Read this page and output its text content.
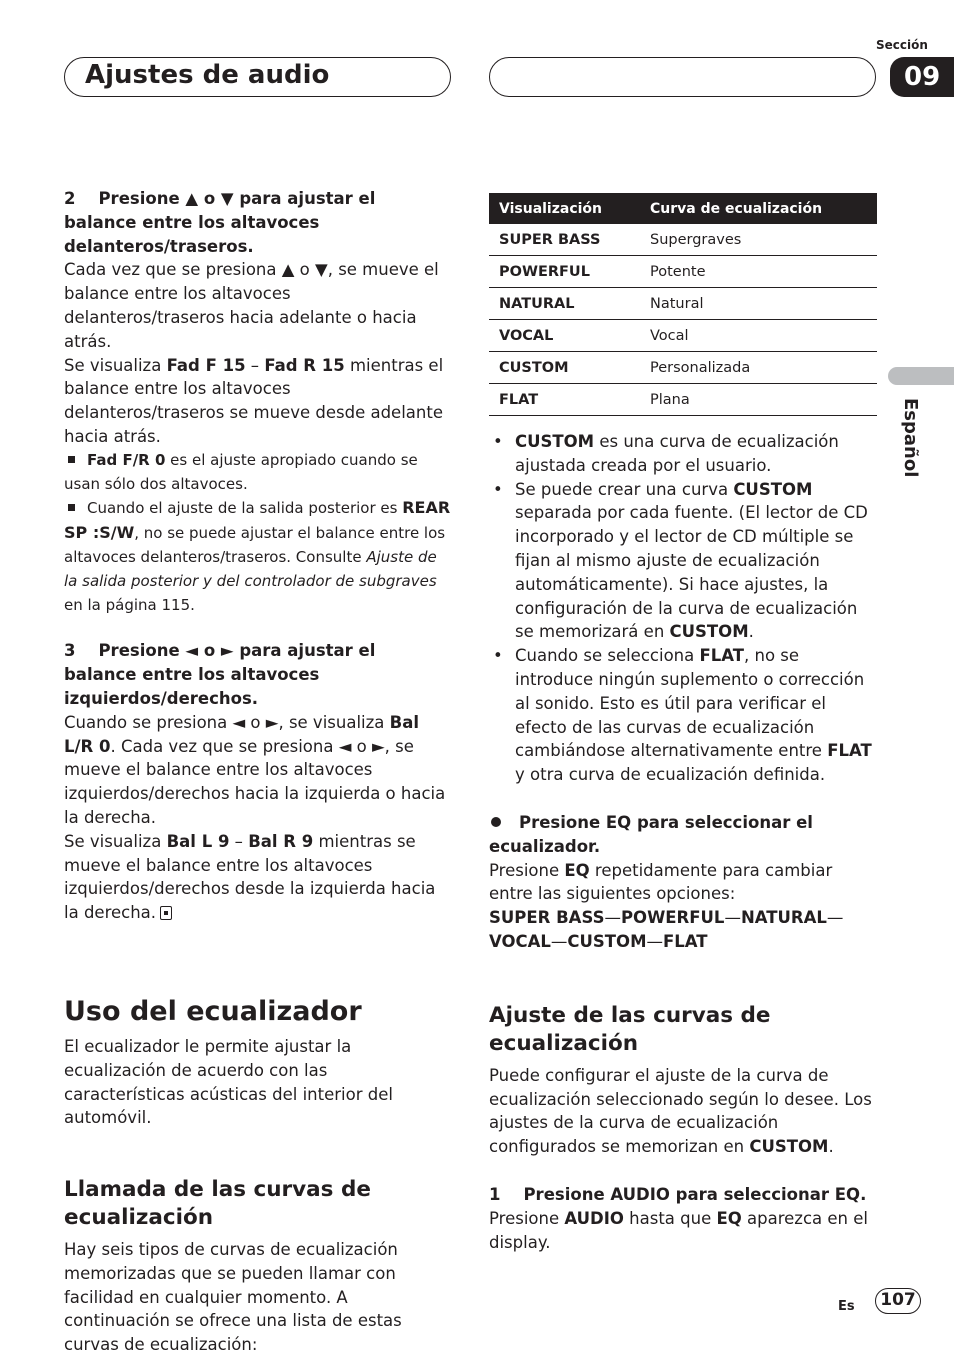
Ajustes de audio
Sección
09
Español

2 Presione ▲ o ▼ para ajustar el balance entre los altavoces delanteros/traseros.

Cada vez que se presiona ▲ o ▼, se mueve el balance entre los altavoces delanteros/traseros hacia adelante o hacia atrás.

Se visualiza Fad F 15 – Fad R 15 mientras el balance entre los altavoces delanteros/traseros se mueve desde adelante hacia atrás.

Fad F/R 0 es el ajuste apropiado cuando se usan sólo dos altavoces.

Cuando el ajuste de la salida posterior es REAR SP :S/W, no se puede ajustar el balance entre los altavoces delanteros/traseros. Consulte Ajuste de la salida posterior y del controlador de subgraves en la página 115.

3 Presione ◄ o ► para ajustar el balance entre los altavoces izquierdos/derechos.

Cuando se presiona ◄ o ►, se visualiza Bal L/R 0. Cada vez que se presiona ◄ o ►, se mueve el balance entre los altavoces izquierdos/derechos hacia la izquierda o hacia la derecha.

Se visualiza Bal L 9 – Bal R 9 mientras se mueve el balance entre los altavoces izquierdos/derechos desde la izquierda hacia la derecha.

Uso del ecualizador

El ecualizador le permite ajustar la ecualización de acuerdo con las características acústicas del interior del automóvil.

Llamada de las curvas de ecualización

Hay seis tipos de curvas de ecualización memorizadas que se pueden llamar con facilidad en cualquier momento. A continuación se ofrece una lista de estas curvas de ecualización:

Visualización	Curva de ecualización
SUPER BASS	Supergraves
POWERFUL	Potente
NATURAL	Natural
VOCAL	Vocal
CUSTOM	Personalizada
FLAT	Plana
• CUSTOM es una curva de ecualización ajustada creada por el usuario.
• Se puede crear una curva CUSTOM separada por cada fuente. (El lector de CD incorporado y el lector de CD múltiple se fijan al mismo ajuste de ecualización automáticamente). Si hace ajustes, la configuración de la curva de ecualización se memorizará en CUSTOM.
• Cuando se selecciona FLAT, no se introduce ningún suplemento o corrección al sonido. Esto es útil para verificar el efecto de las curvas de ecualización cambiándose alternativamente entre FLAT y otra curva de ecualización definida.

Presione EQ para seleccionar el ecualizador.

Presione EQ repetidamente para cambiar entre las siguientes opciones:

SUPER BASS—POWERFUL—NATURAL—VOCAL—CUSTOM—FLAT

Ajuste de las curvas de ecualización

Puede configurar el ajuste de la curva de ecualización seleccionado según lo desee. Los ajustes de la curva de ecualización configurados se memorizan en CUSTOM.

1 Presione AUDIO para seleccionar EQ.

Presione AUDIO hasta que EQ aparezca en el display.

Es	107
